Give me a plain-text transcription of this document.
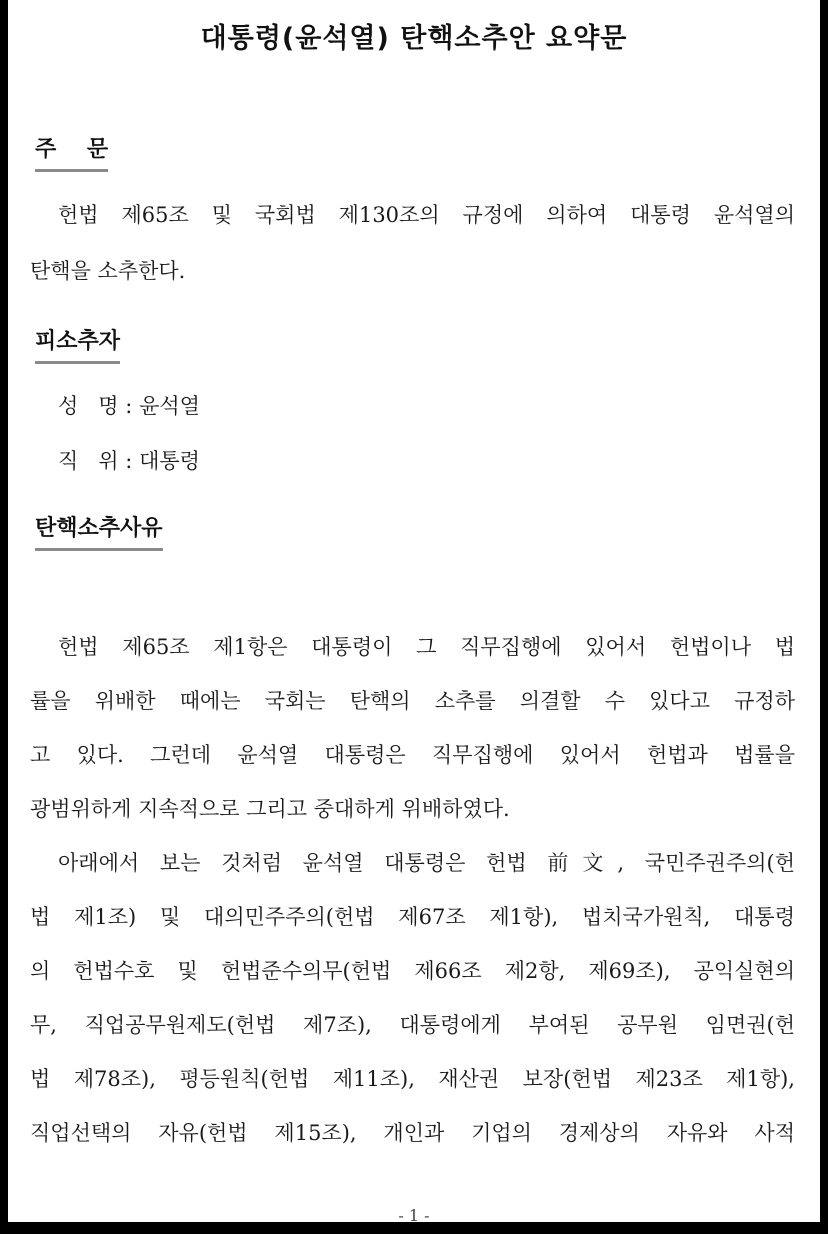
대통령(윤석열) 탄핵소추안 요약문
주    문
헌법 제65조 및 국회법 제130조의 규정에 의하여 대통령 윤석열의
탄핵을 소추한다.
피소추자
성   명 : 윤석열
직   위 : 대통령
탄핵소추사유
헌법 제65조 제1항은 대통령이 그 직무집행에 있어서 헌법이나 법
률을 위배한 때에는 국회는 탄핵의 소추를 의결할 수 있다고 규정하
고 있다. 그런데 윤석열 대통령은 직무집행에 있어서 헌법과 법률을
광범위하게 지속적으로 그리고 중대하게 위배하였다.
아래에서 보는 것처럼 윤석열 대통령은 헌법 前文, 국민주권주의(헌
법 제1조) 및 대의민주주의(헌법 제67조 제1항), 법치국가원칙, 대통령
의 헌법수호 및 헌법준수의무(헌법 제66조 제2항, 제69조), 공익실현의
무, 직업공무원제도(헌법 제7조), 대통령에게 부여된 공무원 임면권(헌
법 제78조), 평등원칙(헌법 제11조), 재산권 보장(헌법 제23조 제1항),
직업선택의 자유(헌법 제15조), 개인과 기업의 경제상의 자유와 사적
- 1 -
